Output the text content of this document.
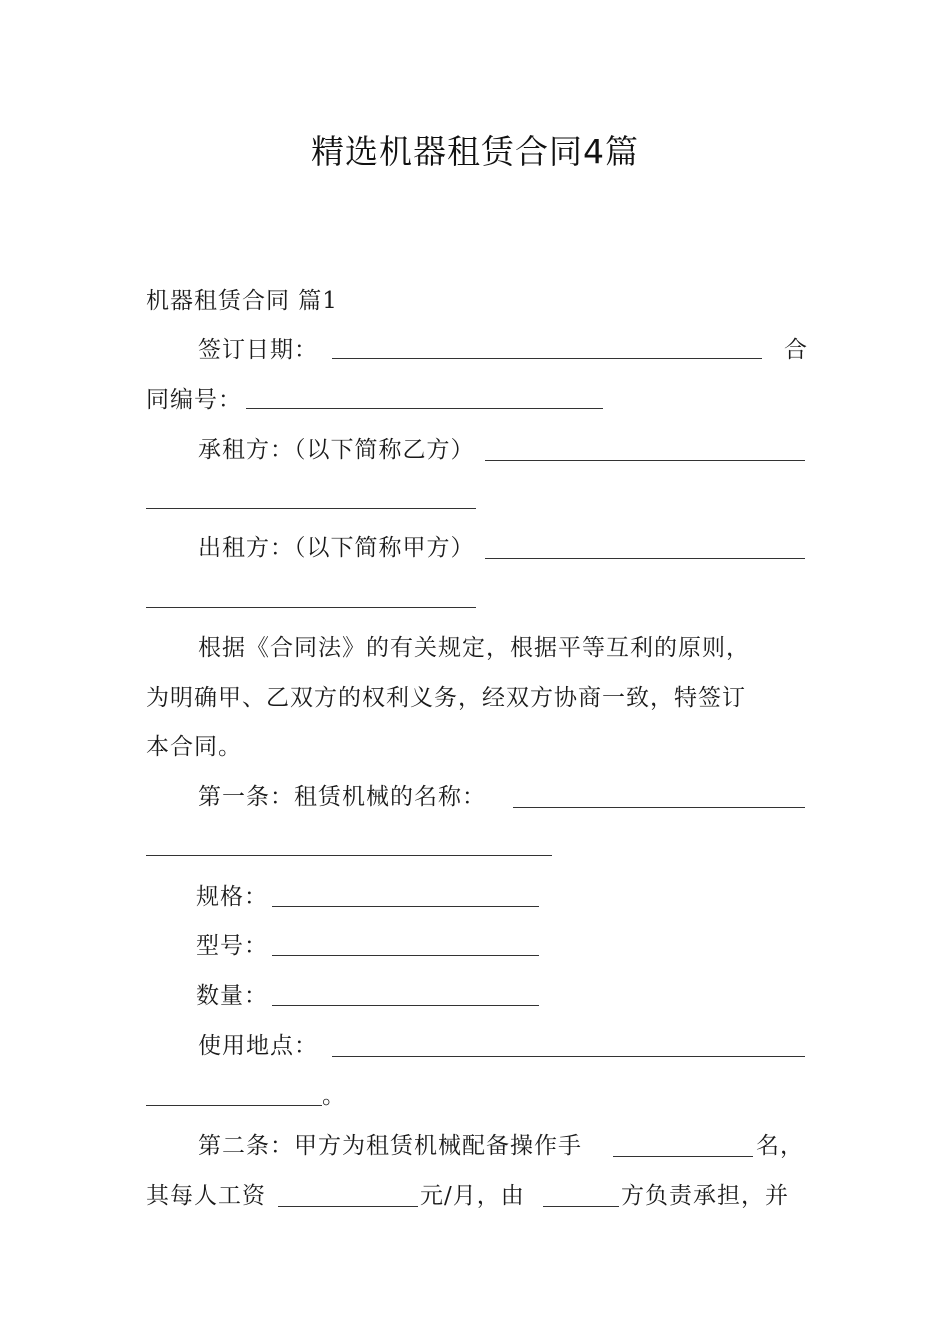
精选机器租赁合同4篇
机器租赁合同 篇1
签订日期：	合
同编号：
承租方：（以下简称乙方）
出租方：（以下简称甲方）
根据《合同法》的有关规定，根据平等互利的原则，
为明确甲、乙双方的权利义务，经双方协商一致，特签订
本合同。
第一条：租赁机械的名称：
规格：
型号：
数量：
使用地点：
。
第二条：甲方为租赁机械配备操作手	名，
其每人工资	元/月，由	方负责承担，并
